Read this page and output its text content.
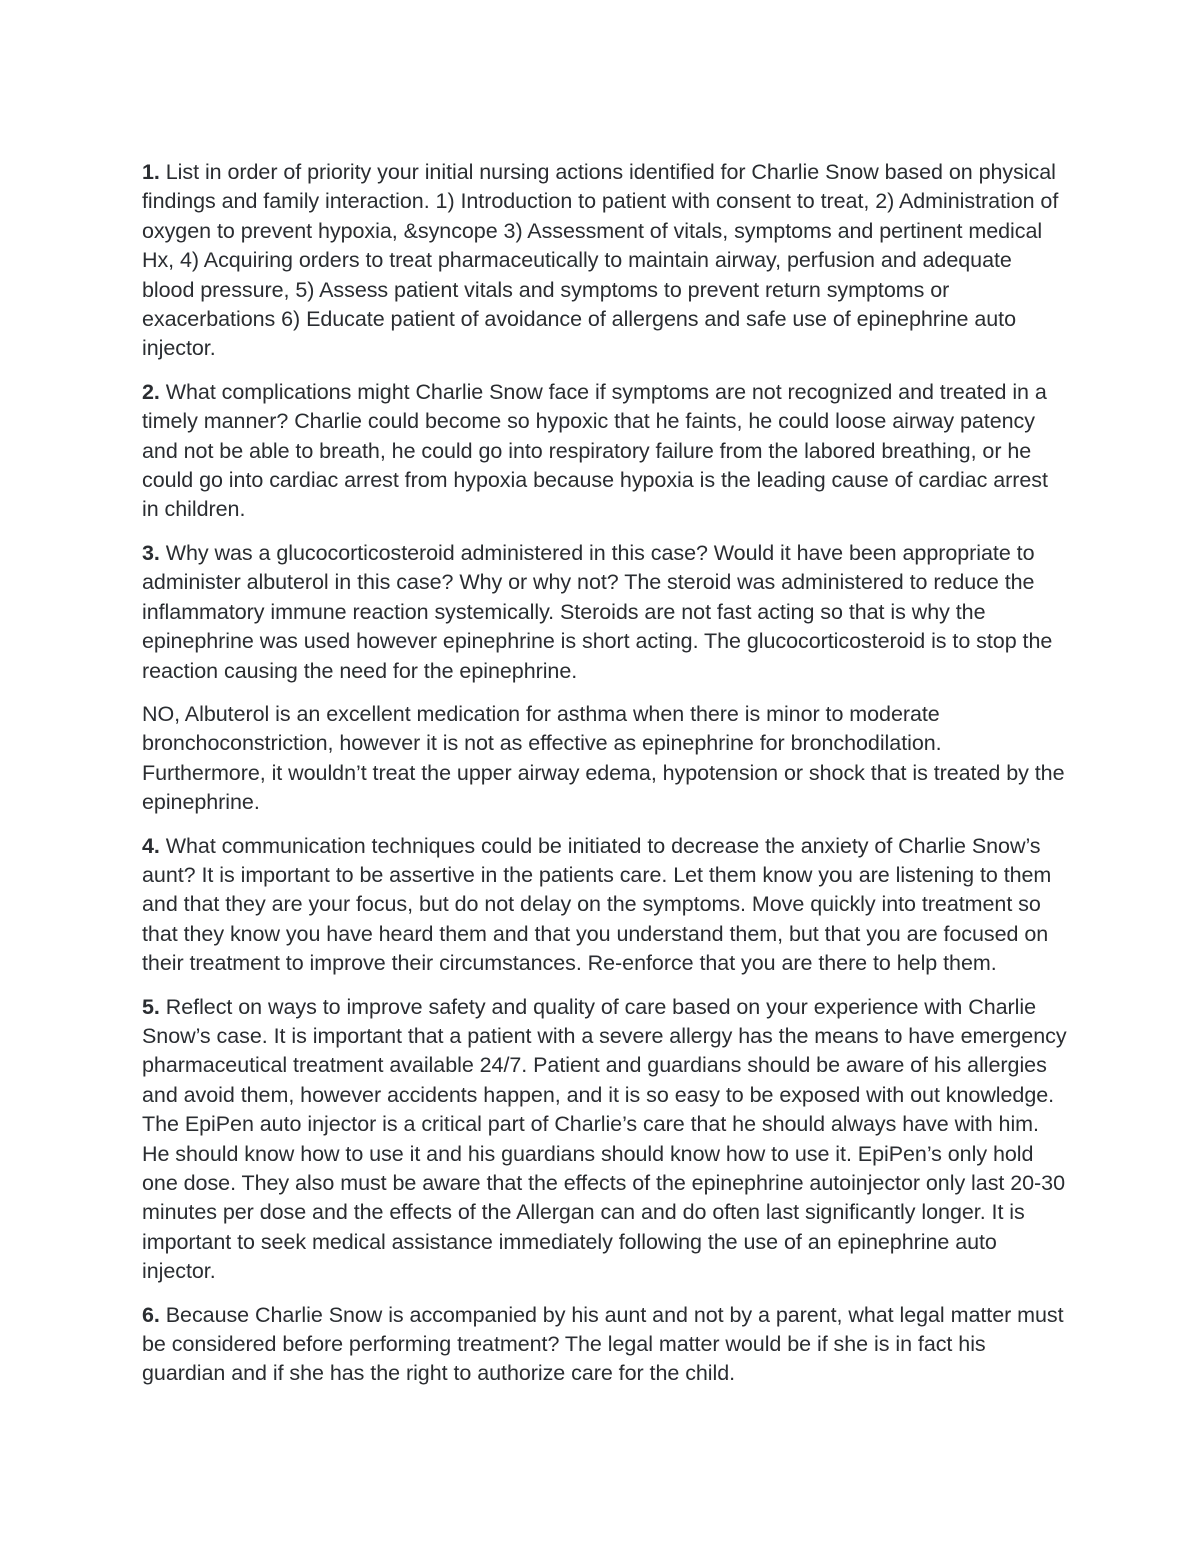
1. List in order of priority your initial nursing actions identified for Charlie Snow based on physical findings and family interaction. 1) Introduction to patient with consent to treat, 2) Administration of oxygen to prevent hypoxia, &syncope 3) Assessment of vitals, symptoms and pertinent medical Hx, 4) Acquiring orders to treat pharmaceutically to maintain airway, perfusion and adequate blood pressure, 5) Assess patient vitals and symptoms to prevent return symptoms or exacerbations 6) Educate patient of avoidance of allergens and safe use of epinephrine auto injector.

2. What complications might Charlie Snow face if symptoms are not recognized and treated in a timely manner? Charlie could become so hypoxic that he faints, he could loose airway patency and not be able to breath, he could go into respiratory failure from the labored breathing, or he could go into cardiac arrest from hypoxia because hypoxia is the leading cause of cardiac arrest in children.

3. Why was a glucocorticosteroid administered in this case? Would it have been appropriate to administer albuterol in this case? Why or why not? The steroid was administered to reduce the inflammatory immune reaction systemically. Steroids are not fast acting so that is why the epinephrine was used however epinephrine is short acting. The glucocorticosteroid is to stop the reaction causing the need for the epinephrine.

NO, Albuterol is an excellent medication for asthma when there is minor to moderate bronchoconstriction, however it is not as effective as epinephrine for bronchodilation. Furthermore, it wouldn’t treat the upper airway edema, hypotension or shock that is treated by the epinephrine.

4. What communication techniques could be initiated to decrease the anxiety of Charlie Snow’s aunt? It is important to be assertive in the patients care. Let them know you are listening to them and that they are your focus, but do not delay on the symptoms. Move quickly into treatment so that they know you have heard them and that you understand them, but that you are focused on their treatment to improve their circumstances. Re-enforce that you are there to help them.

5. Reflect on ways to improve safety and quality of care based on your experience with Charlie Snow’s case. It is important that a patient with a severe allergy has the means to have emergency pharmaceutical treatment available 24/7. Patient and guardians should be aware of his allergies and avoid them, however accidents happen, and it is so easy to be exposed with out knowledge. The EpiPen auto injector is a critical part of Charlie’s care that he should always have with him. He should know how to use it and his guardians should know how to use it. EpiPen’s only hold one dose. They also must be aware that the effects of the epinephrine autoinjector only last 20-30 minutes per dose and the effects of the Allergan can and do often last significantly longer. It is important to seek medical assistance immediately following the use of an epinephrine auto injector.

6. Because Charlie Snow is accompanied by his aunt and not by a parent, what legal matter must be considered before performing treatment? The legal matter would be if she is in fact his guardian and if she has the right to authorize care for the child.
